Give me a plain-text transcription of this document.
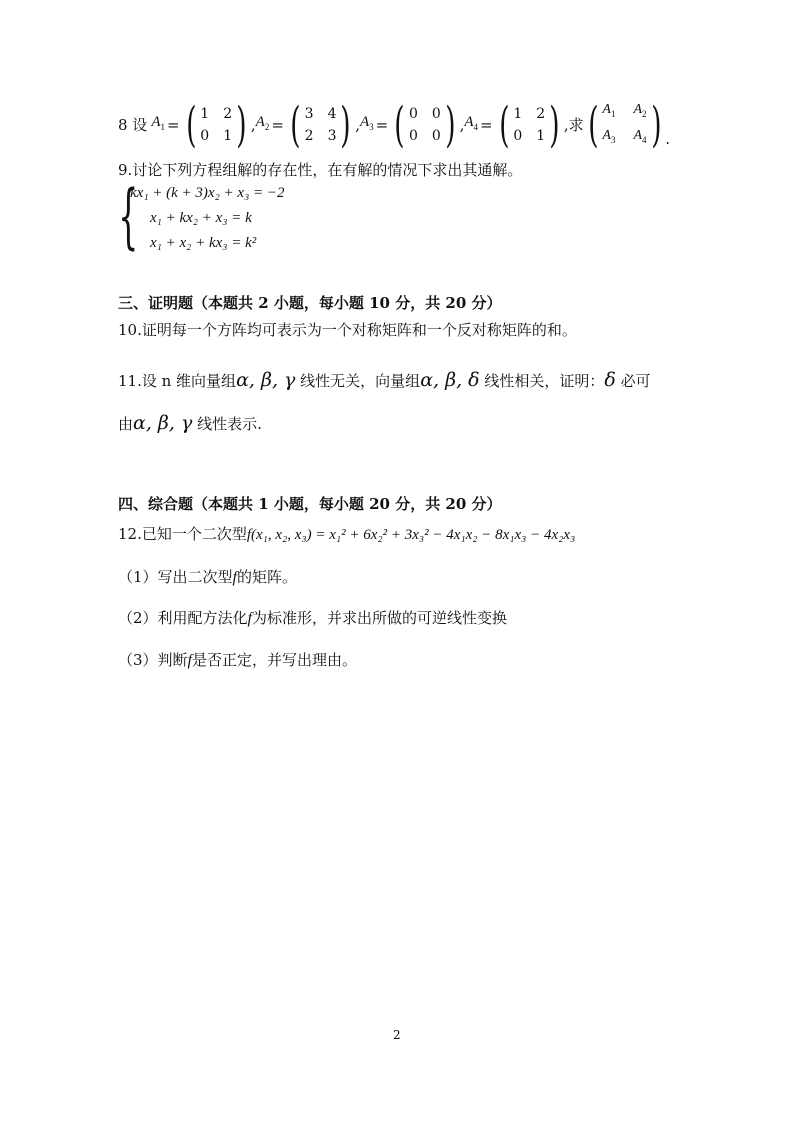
8 设 $A_1$ = ( 1 2
0 1 ) , $A_2$ = ( 3 4
2 3 ) , $A_3$ = ( 0 0
0 0 ) , $A_4$ = ( 1 2
0 1 ) ,求 ( $A_1$ $A_2$
$A_3$ $A_4$ ) .
9.讨论下列方程组解的存在性，在有解的情况下求出其通解。
{
kx₁ + (k + 3)x₂ + x₃ = −2
x₁ + kx₂ + x₃ = k
x₁ + x₂ + kx₃ = k²
三、证明题（本题共 2 小题，每小题 10 分，共 20 分）
10.证明每一个方阵均可表示为一个对称矩阵和一个反对称矩阵的和。
11.设 n 维向量组α, β, γ 线性无关，向量组α, β, δ 线性相关，证明：δ 必可
由α, β, γ 线性表示.
四、综合题（本题共 1 小题，每小题 20 分，共 20 分）
12.已知一个二次型f(x₁, x₂, x₃) = x₁² + 6x₂² + 3x₃² − 4x₁x₂ − 8x₁x₃ − 4x₂x₃
（1）写出二次型f的矩阵。
（2）利用配方法化f为标准形，并求出所做的可逆线性变换
（3）判断f是否正定，并写出理由。
2
